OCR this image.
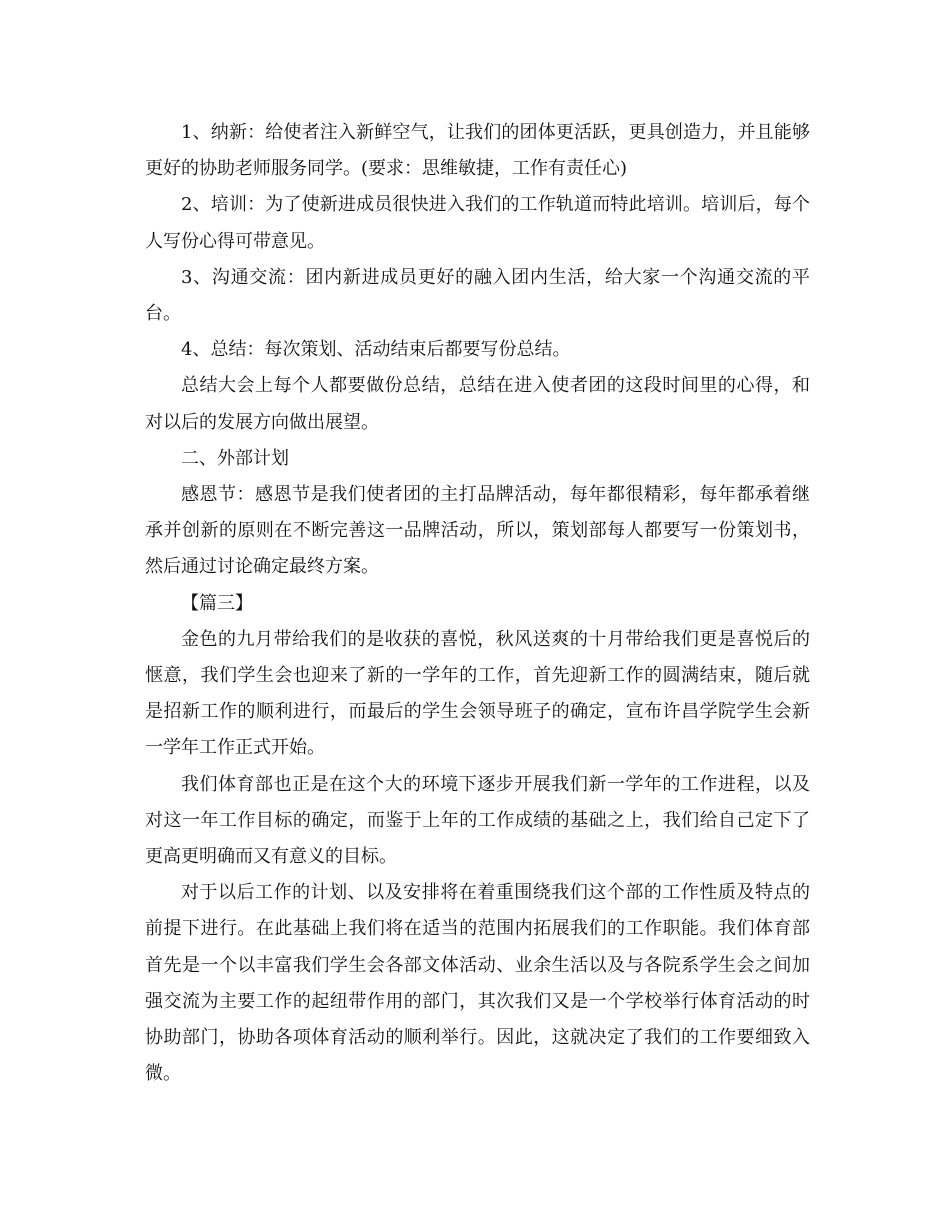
1、纳新：给使者注入新鲜空气，让我们的团体更活跃，更具创造力，并且能够更好的协助老师服务同学。(要求：思维敏捷，工作有责任心)

2、培训：为了使新进成员很快进入我们的工作轨道而特此培训。培训后，每个人写份心得可带意见。

3、沟通交流：团内新进成员更好的融入团内生活，给大家一个沟通交流的平台。

4、总结：每次策划、活动结束后都要写份总结。

总结大会上每个人都要做份总结，总结在进入使者团的这段时间里的心得，和对以后的发展方向做出展望。

二、外部计划

感恩节：感恩节是我们使者团的主打品牌活动，每年都很精彩，每年都承着继承并创新的原则在不断完善这一品牌活动，所以，策划部每人都要写一份策划书，然后通过讨论确定最终方案。

【篇三】

金色的九月带给我们的是收获的喜悦，秋风送爽的十月带给我们更是喜悦后的惬意，我们学生会也迎来了新的一学年的工作，首先迎新工作的圆满结束，随后就是招新工作的顺利进行，而最后的学生会领导班子的确定，宣布许昌学院学生会新一学年工作正式开始。

我们体育部也正是在这个大的环境下逐步开展我们新一学年的工作进程，以及对这一年工作目标的确定，而鉴于上年的工作成绩的基础之上，我们给自己定下了更高更明确而又有意义的目标。

对于以后工作的计划、以及安排将在着重围绕我们这个部的工作性质及特点的前提下进行。在此基础上我们将在适当的范围内拓展我们的工作职能。我们体育部首先是一个以丰富我们学生会各部文体活动、业余生活以及与各院系学生会之间加强交流为主要工作的起纽带作用的部门，其次我们又是一个学校举行体育活动的时协助部门，协助各项体育活动的顺利举行。因此，这就决定了我们的工作要细致入微。
